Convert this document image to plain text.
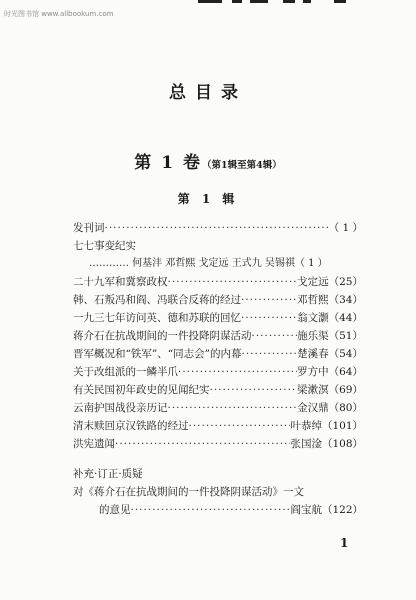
时光图书馆 www.allbookum.com
总目录
第 1 卷（第1辑至第4辑）
第 1 辑
发刊词 ·····	（ 1 ）
七七事变纪实
………… 何基沣 邓哲熙 戈定远 王式九 吴锡祺（ 1 ）
二十九军和冀察政权 ·····	戈定远（25）
韩、石叛冯和阎、冯联合反蒋的经过 ·····	邓哲熙（34）
一九三七年访问英、德和苏联的回忆 ·····	翁文灏（44）
蒋介石在抗战期间的一件投降阴谋活动 ·····	施乐渠（51）
晋军概况和“铁军”、“同志会”的内幕 ·····	楚溪春（54）
关于改组派的一鳞半爪 ·····	罗方中（64）
有关民国初年政史的见闻纪实 ·····	梁漱溟（69）
云南护国战役亲历记 ·····	金汉鼎（80）
清末赎回京汉铁路的经过 ·····	叶恭绰（101）
洪宪遗闻 ·····	张国淦（108）
补充·订正·质疑
对《蒋介石在抗战期间的一件投降阴谋活动》一文
的意见 ·····	阎宝航（122）
1
